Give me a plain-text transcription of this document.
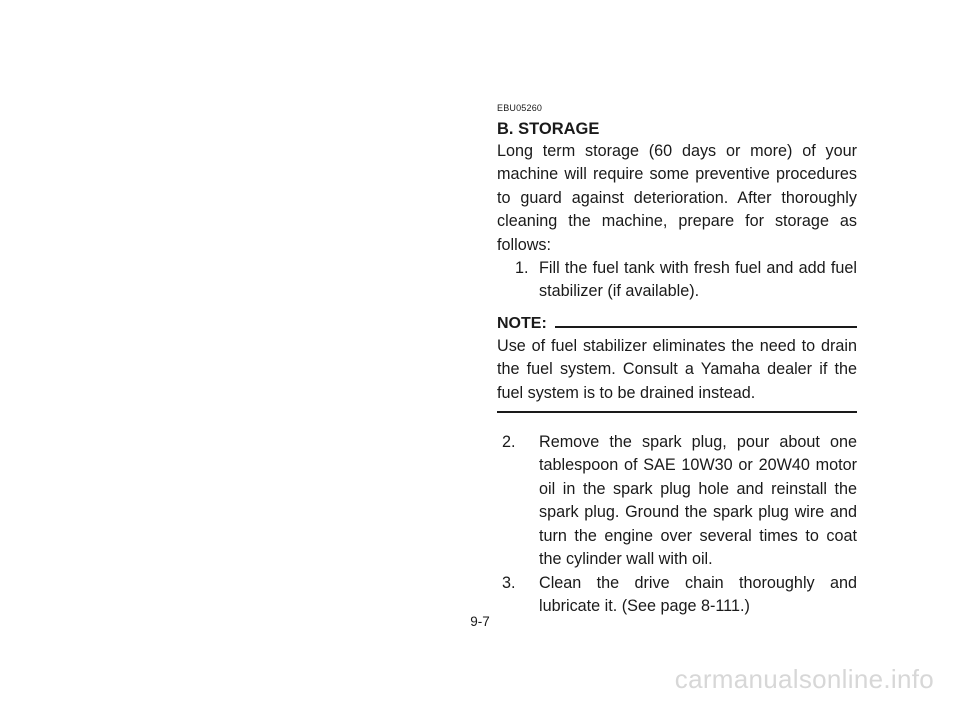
EBU05260
B. STORAGE

Long term storage (60 days or more) of your machine will require some preventive procedures to guard against deterioration. After thoroughly cleaning the machine, prepare for storage as follows:

1. Fill the fuel tank with fresh fuel and add fuel stabilizer (if available).
NOTE:

Use of fuel stabilizer eliminates the need to drain the fuel system. Consult a Yamaha dealer if the fuel system is to be drained instead.

2. Remove the spark plug, pour about one tablespoon of SAE 10W30 or 20W40 motor oil in the spark plug hole and reinstall the spark plug. Ground the spark plug wire and turn the engine over several times to coat the cylinder wall with oil.
3. Clean the drive chain thoroughly and lubricate it. (See page 8-111.)
9-7
carmanualsonline.info
